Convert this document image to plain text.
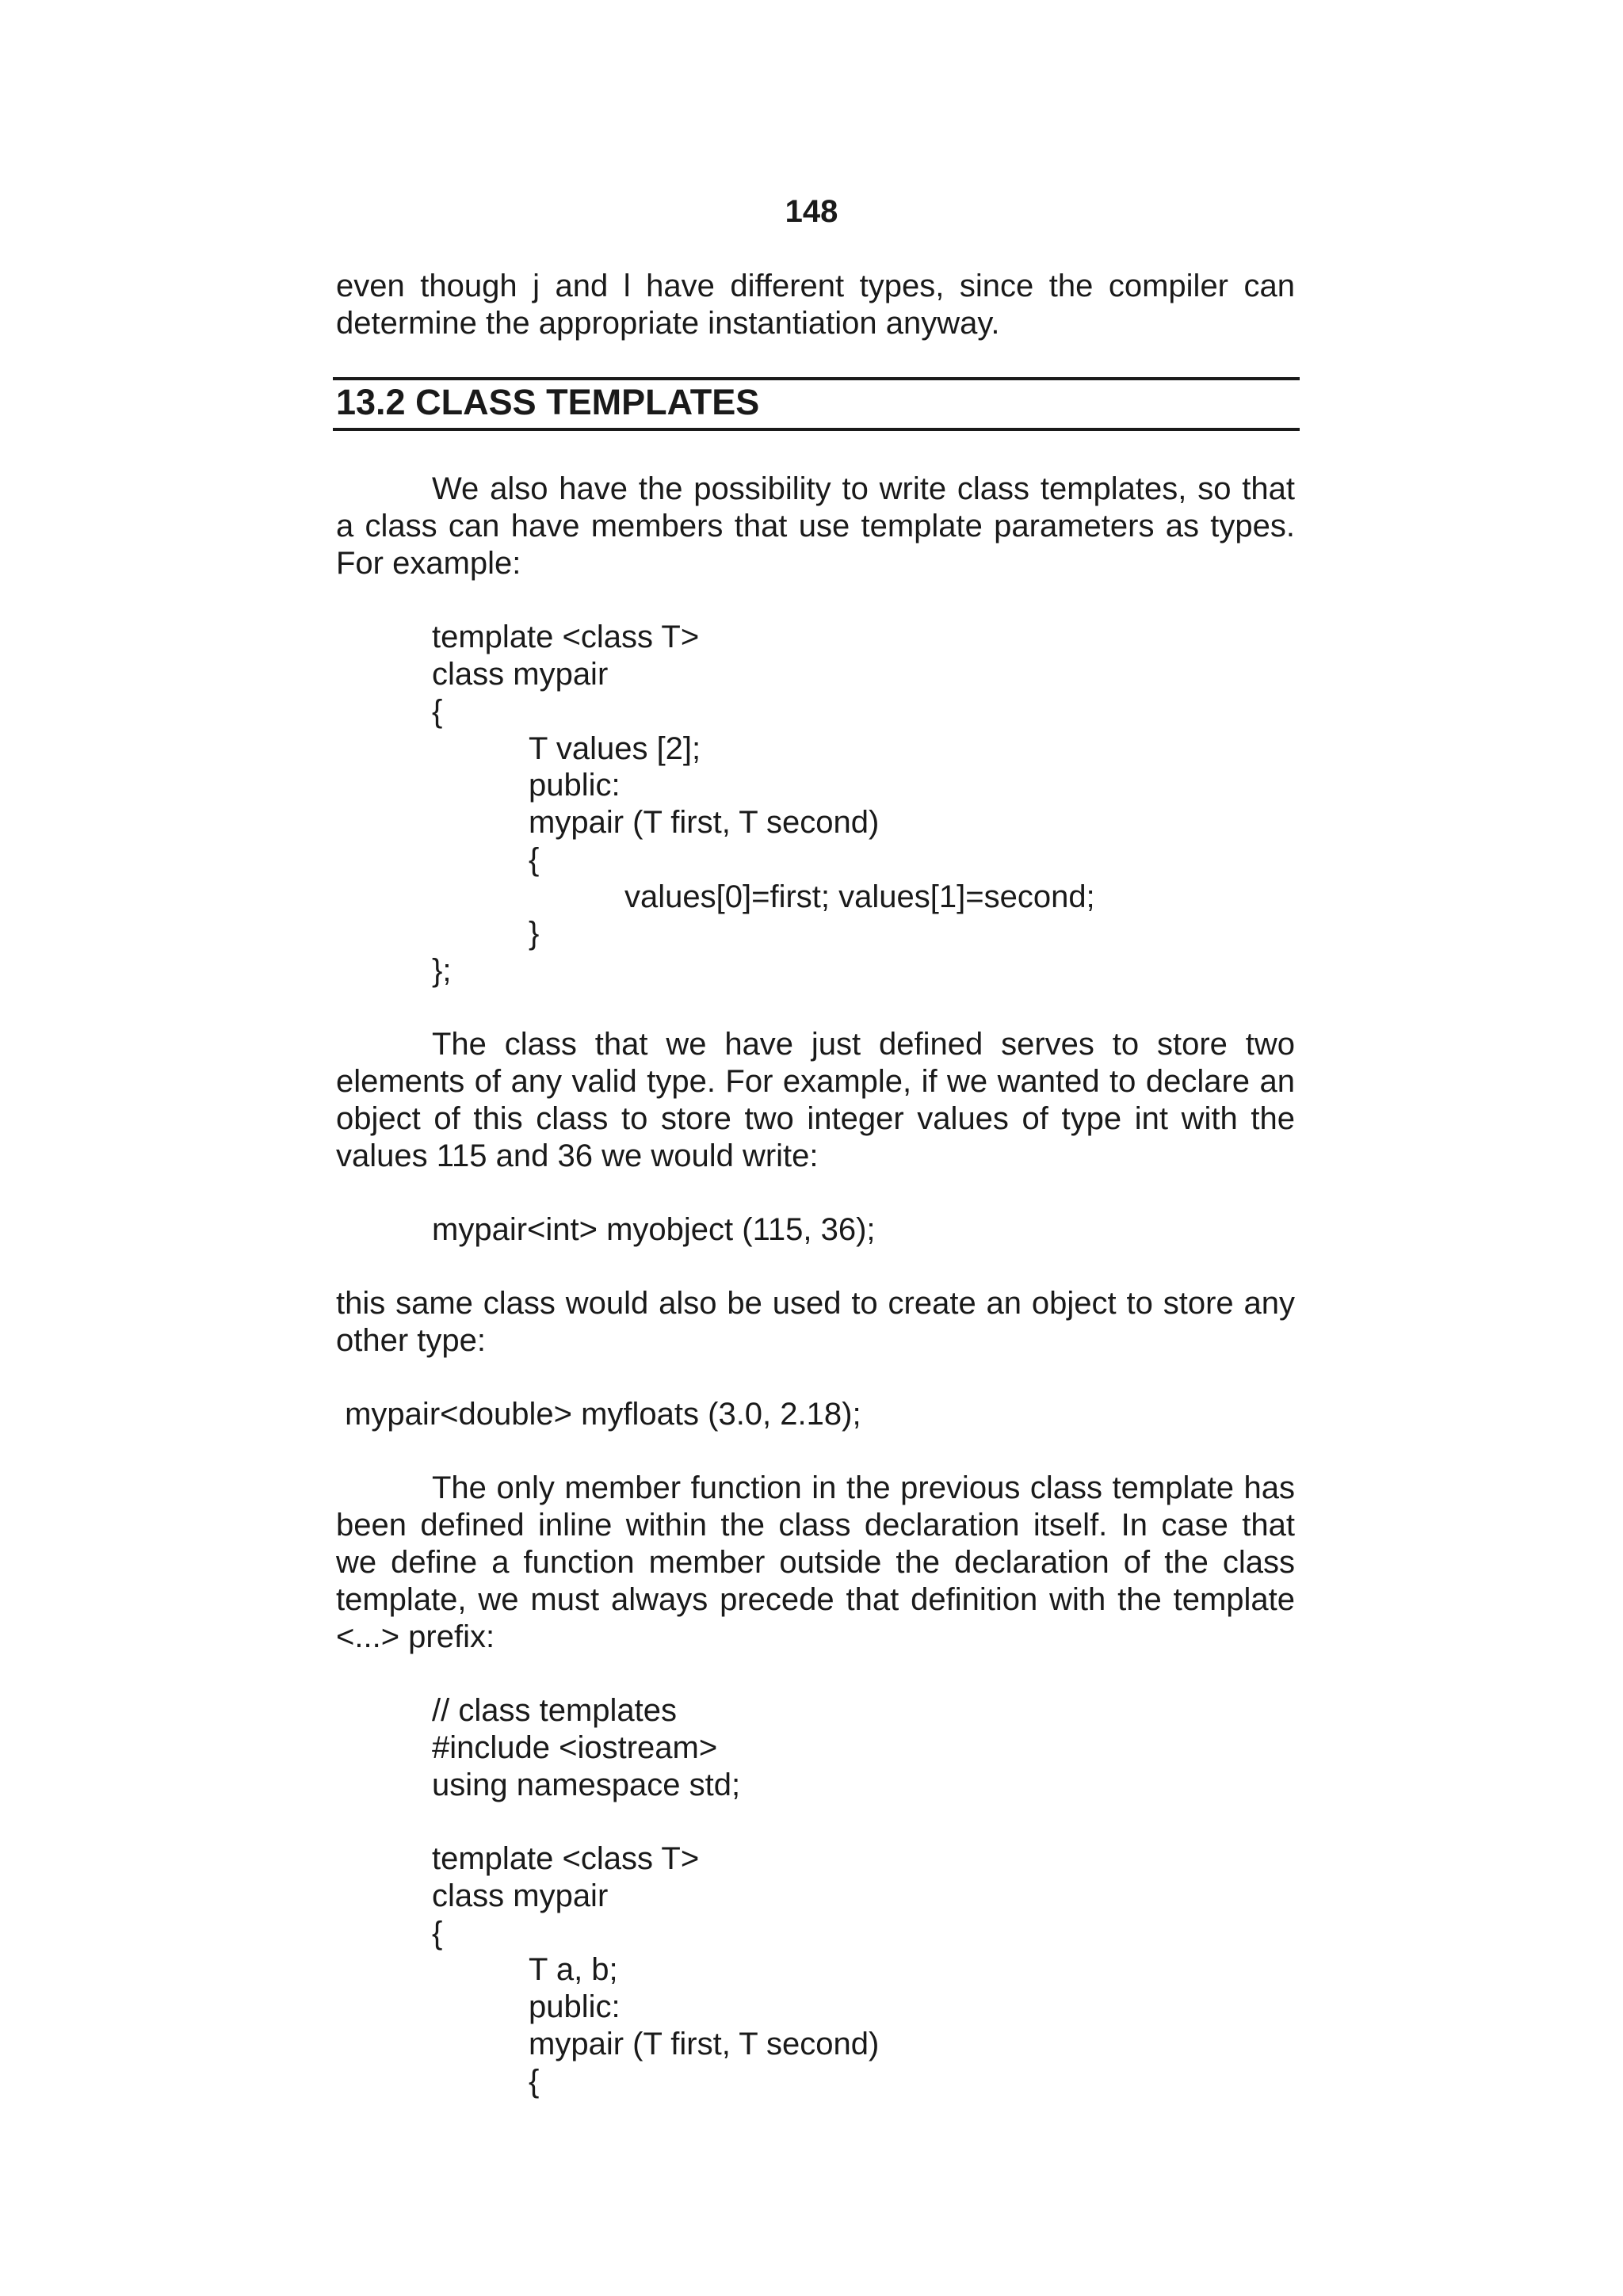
148
even though j and l have different types, since the compiler can
determine the appropriate instantiation anyway.
13.2 CLASS TEMPLATES
We also have the possibility to write class templates, so that
a class can have members that use template parameters as types.
For example:
template <class T>
class mypair
{
T values [2];
public:
mypair (T first, T second)
{
values[0]=first; values[1]=second;
}
};
The class that we have just defined serves to store two
elements of any valid type. For example, if we wanted to declare an
object of this class to store two integer values of type int with the
values 115 and 36 we would write:
mypair<int> myobject (115, 36);
this same class would also be used to create an object to store any
other type:
mypair<double> myfloats (3.0, 2.18);
The only member function in the previous class template has
been defined inline within the class declaration itself. In case that
we define a function member outside the declaration of the class
template, we must always precede that definition with the template
<...> prefix:
// class templates
#include <iostream>
using namespace std;
template <class T>
class mypair
{
T a, b;
public:
mypair (T first, T second)
{
